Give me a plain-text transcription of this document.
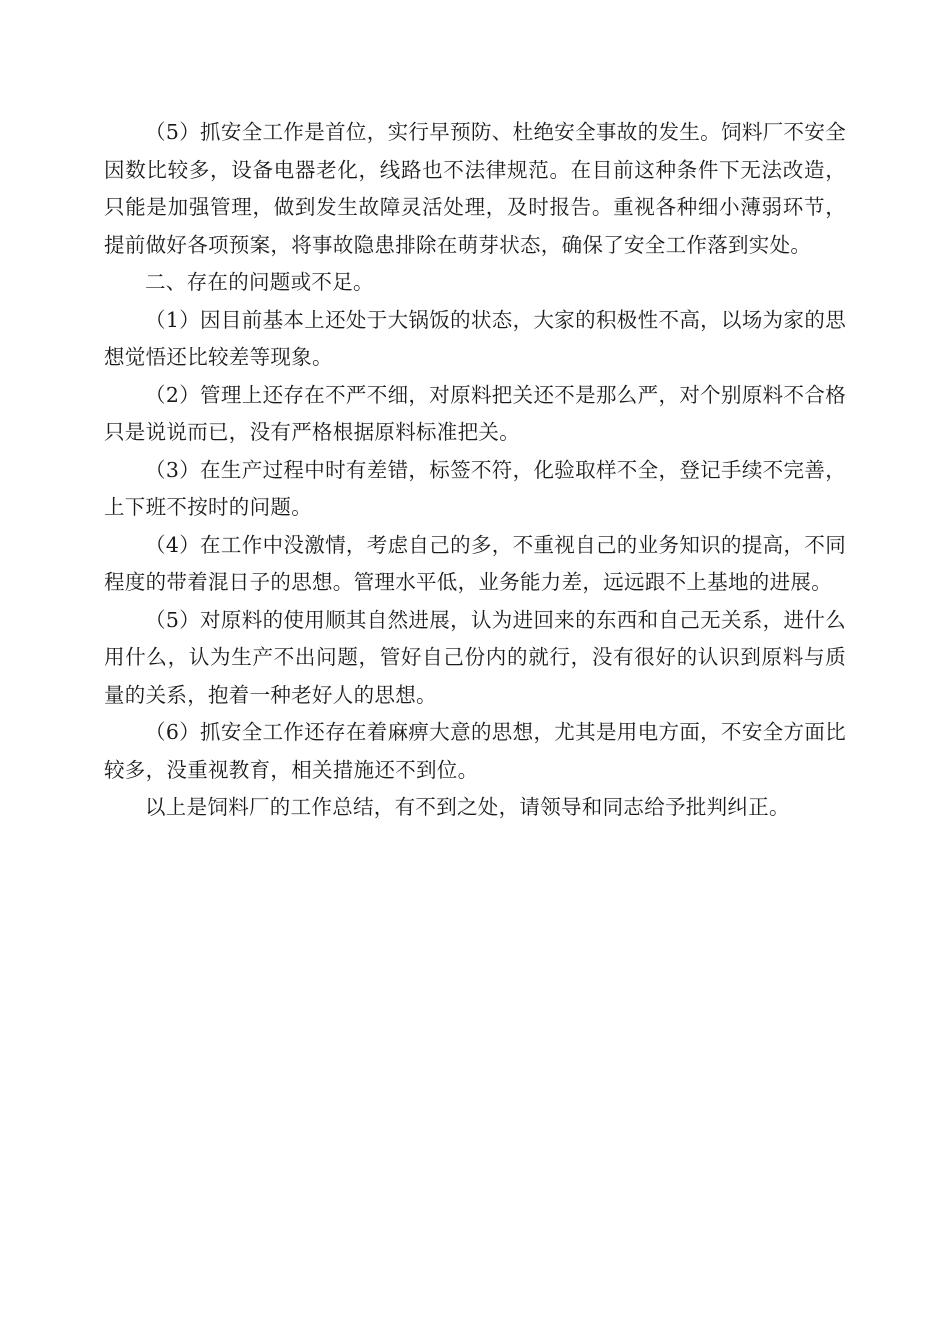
（5）抓安全工作是首位，实行早预防、杜绝安全事故的发生。饲料厂不安全因数比较多，设备电器老化，线路也不法律规范。在目前这种条件下无法改造，只能是加强管理，做到发生故障灵活处理，及时报告。重视各种细小薄弱环节，提前做好各项预案，将事故隐患排除在萌芽状态，确保了安全工作落到实处。

二、存在的问题或不足。

（1）因目前基本上还处于大锅饭的状态，大家的积极性不高，以场为家的思想觉悟还比较差等现象。

（2）管理上还存在不严不细，对原料把关还不是那么严，对个别原料不合格只是说说而已，没有严格根据原料标准把关。

（3）在生产过程中时有差错，标签不符，化验取样不全，登记手续不完善，上下班不按时的问题。

（4）在工作中没激情，考虑自己的多，不重视自己的业务知识的提高，不同程度的带着混日子的思想。管理水平低，业务能力差，远远跟不上基地的进展。

（5）对原料的使用顺其自然进展，认为进回来的东西和自己无关系，进什么用什么，认为生产不出问题，管好自己份内的就行，没有很好的认识到原料与质量的关系，抱着一种老好人的思想。

（6）抓安全工作还存在着麻痹大意的思想，尤其是用电方面，不安全方面比较多，没重视教育，相关措施还不到位。

以上是饲料厂的工作总结，有不到之处，请领导和同志给予批判纠正。
